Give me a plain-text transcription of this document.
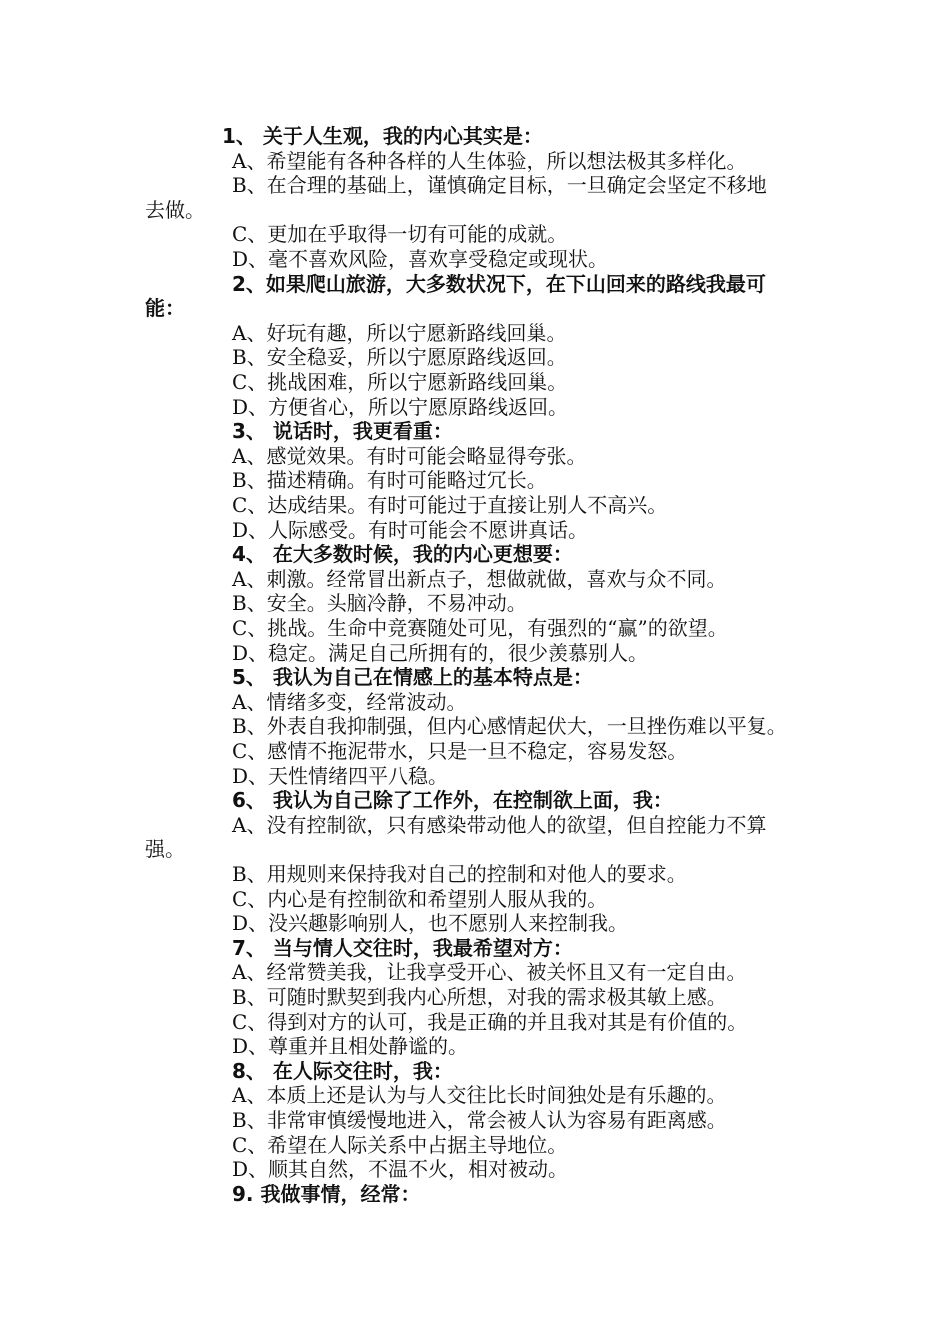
1、 关于人生观，我的内心其实是：
A、希望能有各种各样的人生体验，所以想法极其多样化。
B、在合理的基础上，谨慎确定目标，一旦确定会坚定不移地
去做。
C、更加在乎取得一切有可能的成就。
D、毫不喜欢风险，喜欢享受稳定或现状。
2、如果爬山旅游，大多数状况下，在下山回来的路线我最可
能：
A、好玩有趣，所以宁愿新路线回巢。
B、安全稳妥，所以宁愿原路线返回。
C、挑战困难，所以宁愿新路线回巢。
D、方便省心，所以宁愿原路线返回。
3、 说话时，我更看重：
A、感觉效果。有时可能会略显得夸张。
B、描述精确。有时可能略过冗长。
C、达成结果。有时可能过于直接让别人不高兴。
D、人际感受。有时可能会不愿讲真话。
4、 在大多数时候，我的内心更想要：
A、刺激。经常冒出新点子，想做就做，喜欢与众不同。
B、安全。头脑冷静，不易冲动。
C、挑战。生命中竞赛随处可见，有强烈的“赢”的欲望。
D、稳定。满足自己所拥有的，很少羡慕别人。
5、 我认为自己在情感上的基本特点是：
A、情绪多变，经常波动。
B、外表自我抑制强，但内心感情起伏大，一旦挫伤难以平复。
C、感情不拖泥带水，只是一旦不稳定，容易发怒。
D、天性情绪四平八稳。
6、 我认为自己除了工作外，在控制欲上面，我：
A、没有控制欲，只有感染带动他人的欲望，但自控能力不算
强。
B、用规则来保持我对自己的控制和对他人的要求。
C、内心是有控制欲和希望别人服从我的。
D、没兴趣影响别人，也不愿别人来控制我。
7、 当与情人交往时，我最希望对方：
A、经常赞美我，让我享受开心、被关怀且又有一定自由。
B、可随时默契到我内心所想，对我的需求极其敏上感。
C、得到对方的认可，我是正确的并且我对其是有价值的。
D、尊重并且相处静谧的。
8、 在人际交往时，我：
A、本质上还是认为与人交往比长时间独处是有乐趣的。
B、非常审慎缓慢地进入，常会被人认为容易有距离感。
C、希望在人际关系中占据主导地位。
D、顺其自然，不温不火，相对被动。
9. 我做事情，经常：
